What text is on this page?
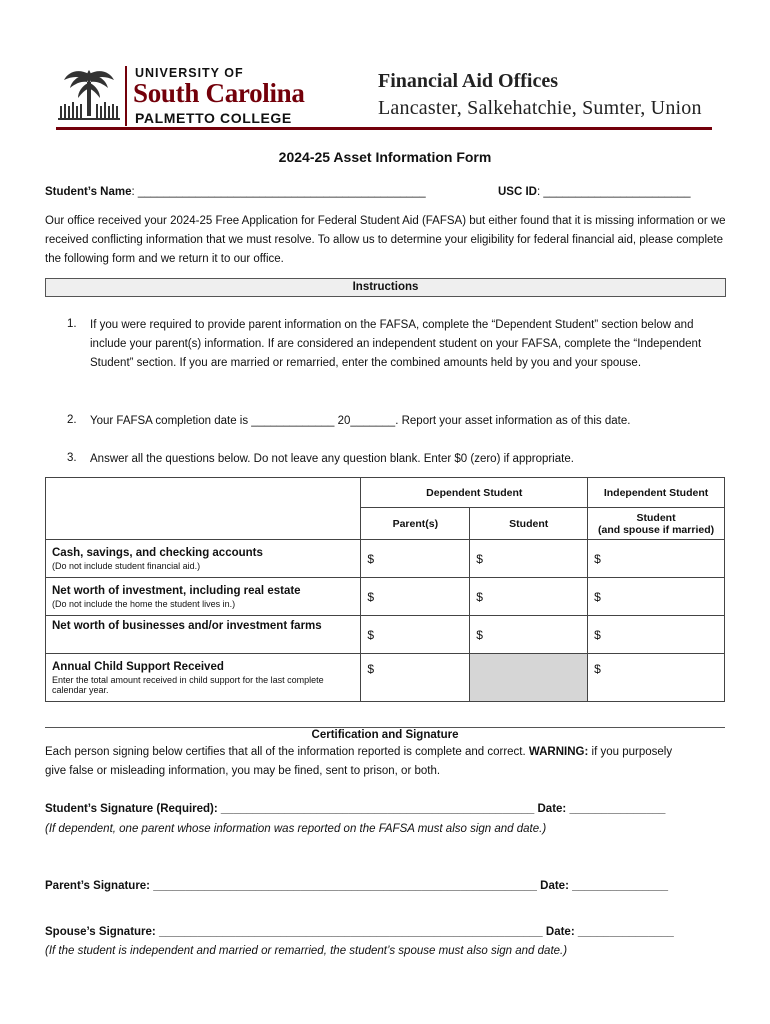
UNIVERSITY OF
South Carolina
PALMETTO COLLEGE
Financial Aid Offices
Lancaster, Salkehatchie, Sumter, Union
2024-25 Asset Information Form
Student’s Name: _____________________________________________	USC ID: _______________________
Our office received your 2024-25 Free Application for Federal Student Aid (FAFSA) but either found that it is missing information or we received conflicting information that we must resolve. To allow us to determine your eligibility for federal financial aid, please complete the following form and we return it to our office.
Instructions
1. If you were required to provide parent information on the FAFSA, complete the “Dependent Student” section below and include your parent(s) information. If are considered an independent student on your FAFSA, complete the “Independent Student” section. If you are married or remarried, enter the combined amounts held by you and your spouse.
2. Your FAFSA completion date is _____________ 20_______. Report your asset information as of this date.
3. Answer all the questions below. Do not leave any question blank. Enter $0 (zero) if appropriate.
	Dependent Student		Independent Student
	Parent(s)	Student	Student
(and spouse if married)

Cash, savings, and checking accounts
(Do not include student financial aid.)	$	$	$

Net worth of investment, including real estate
(Do not include the home the student lives in.)	$	$	$

Net worth of businesses and/or investment farms	$	$	$

Annual Child Support Received
Enter the total amount received in child support for the last complete calendar year.	$		$
Certification and Signature
Each person signing below certifies that all of the information reported is complete and correct. WARNING: if you purposely give false or misleading information, you may be fined, sent to prison, or both.
Student’s Signature (Required): _________________________________________________ Date: _______________
(If dependent, one parent whose information was reported on the FAFSA must also sign and date.)
Parent’s Signature: ____________________________________________________________ Date: _______________
Spouse’s Signature: ____________________________________________________________ Date: _______________
(If the student is independent and married or remarried, the student’s spouse must also sign and date.)
